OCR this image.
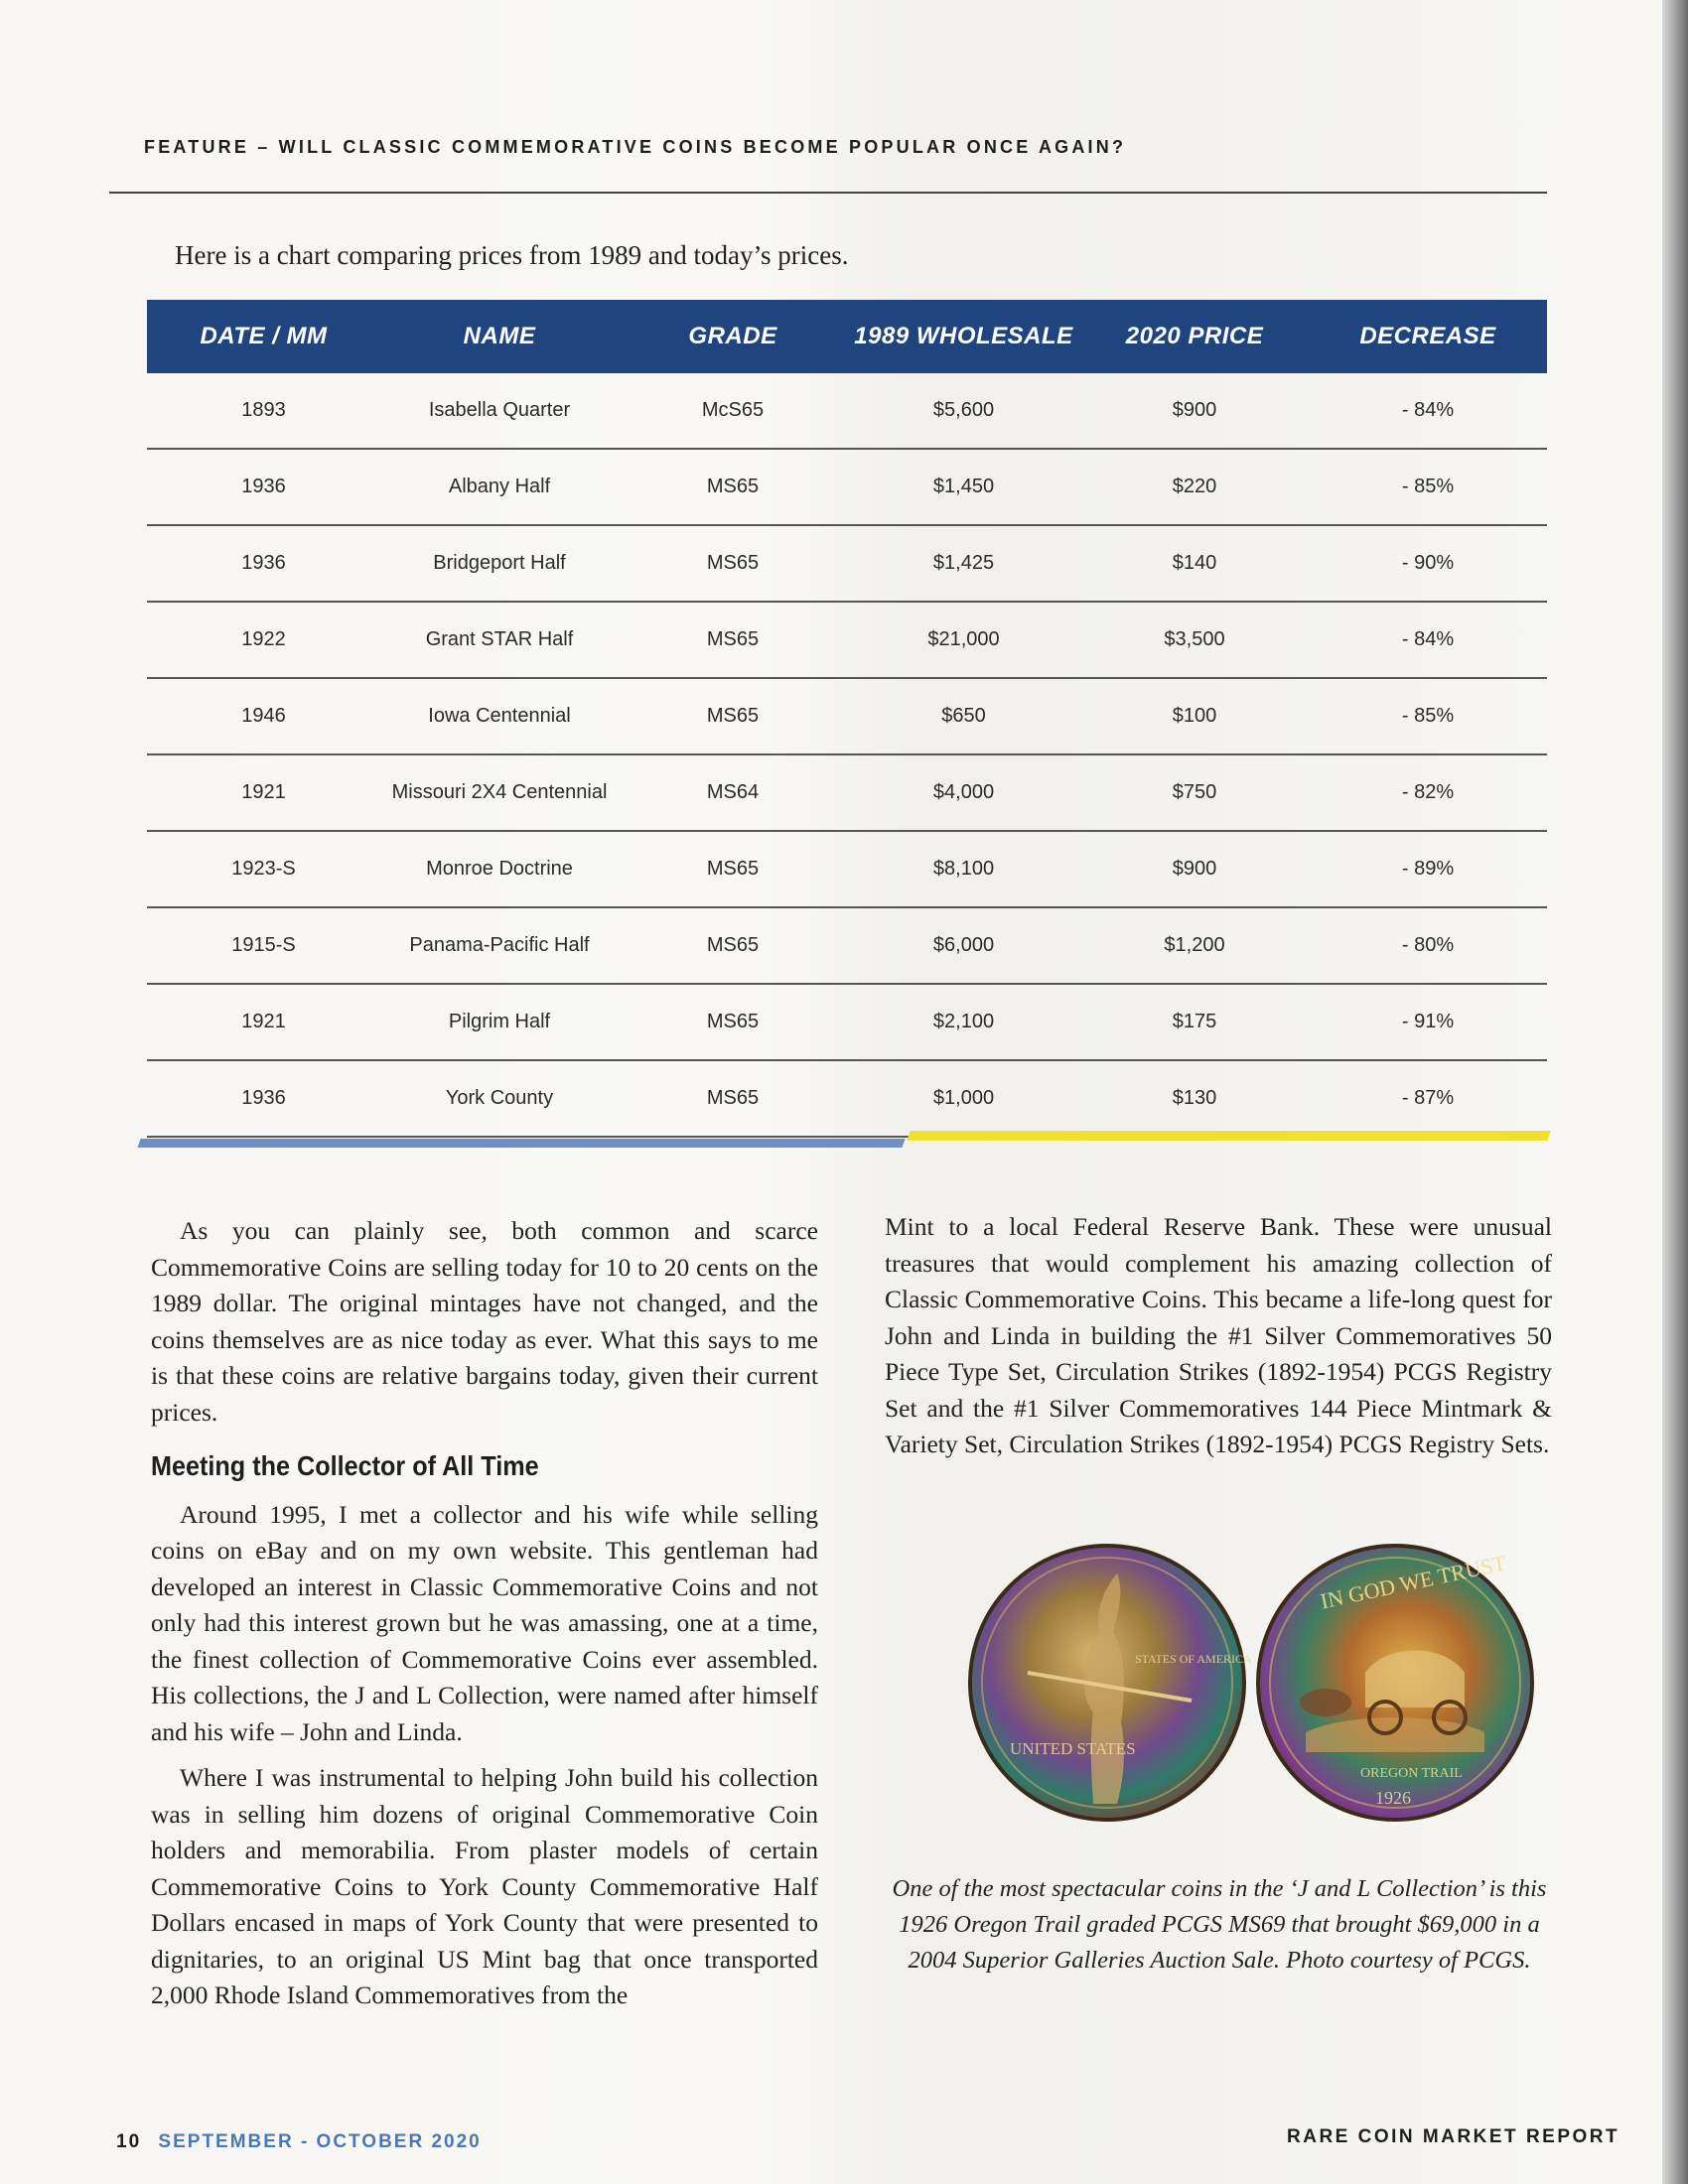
FEATURE – WILL CLASSIC COMMEMORATIVE COINS BECOME POPULAR ONCE AGAIN?
Here is a chart comparing prices from 1989 and today’s prices.
DATE / MM	NAME	GRADE	1989 WHOLESALE	2020 PRICE	DECREASE
1893	Isabella Quarter	McS65	$5,600	$900	- 84%
1936	Albany Half	MS65	$1,450	$220	- 85%
1936	Bridgeport Half	MS65	$1,425	$140	- 90%
1922	Grant STAR Half	MS65	$21,000	$3,500	- 84%
1946	Iowa Centennial	MS65	$650	$100	- 85%
1921	Missouri 2X4 Centennial	MS64	$4,000	$750	- 82%
1923-S	Monroe Doctrine	MS65	$8,100	$900	- 89%
1915-S	Panama-Pacific Half	MS65	$6,000	$1,200	- 80%
1921	Pilgrim Half	MS65	$2,100	$175	- 91%
1936	York County	MS65	$1,000	$130	- 87%

As you can plainly see, both common and scarce Commemorative Coins are selling today for 10 to 20 cents on the 1989 dollar. The original mintages have not changed, and the coins themselves are as nice today as ever. What this says to me is that these coins are relative bargains today, given their current prices.

Meeting the Collector of All Time

Around 1995, I met a collector and his wife while selling coins on eBay and on my own website. This gentleman had developed an interest in Classic Commemorative Coins and not only had this interest grown but he was amassing, one at a time, the finest collection of Commemorative Coins ever assembled. His collections, the J and L Collection, were named after himself and his wife – John and Linda.

Where I was instrumental to helping John build his collection was in selling him dozens of original Commemorative Coin holders and memorabilia. From plaster models of certain Commemorative Coins to York County Commemorative Half Dollars encased in maps of York County that were presented to dignitaries, to an original US Mint bag that once transported 2,000 Rhode Island Commemoratives from the

Mint to a local Federal Reserve Bank. These were unusual treasures that would complement his amazing collection of Classic Commemorative Coins. This became a life-long quest for John and Linda in building the #1 Silver Commemoratives 50 Piece Type Set, Circulation Strikes (1892-1954) PCGS Registry Set and the #1 Silver Commemoratives 144 Piece Mintmark & Variety Set, Circulation Strikes (1892-1954) PCGS Registry Sets.

UNITED STATES
STATES OF AMERICA
IN GOD WE TRUST
OREGON TRAIL
1926
One of the most spectacular coins in the ‘J and L Collection’ is this 1926 Oregon Trail graded PCGS MS69 that brought $69,000 in a 2004 Superior Galleries Auction Sale. Photo courtesy of PCGS.
10 SEPTEMBER - OCTOBER 2020	RARE COIN MARKET REPORT
